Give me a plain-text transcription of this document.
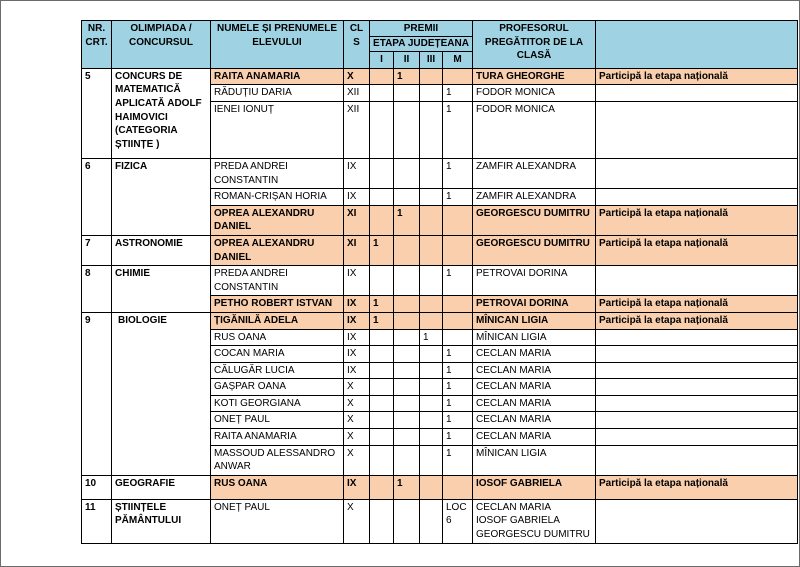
NR. CRT.	OLIMPIADA / CONCURSUL	NUMELE ȘI PRENUMELE ELEVULUI	CL S	PREMII
ETAPA JUDEȚEANA				PROFESORUL PREGĂTITOR DE LA CLASĂ	
				I	II	III	M		
5	CONCURS DE MATEMATICĂ APLICATĂ ADOLF HAIMOVICI (CATEGORIA ȘTIINȚE )	RAITA ANAMARIA	X		1			TURA GHEORGHE	Participă la etapa națională
		RĂDUȚIU DARIA	XII				1	FODOR MONICA	
		IENEI IONUȚ	XII				1	FODOR MONICA	
6	FIZICA	PREDA ANDREI CONSTANTIN	IX				1	ZAMFIR ALEXANDRA	
		ROMAN-CRIȘAN HORIA	IX				1	ZAMFIR ALEXANDRA	
		OPREA ALEXANDRU DANIEL	XI		1			GEORGESCU DUMITRU	Participă la etapa națională
7	ASTRONOMIE	OPREA ALEXANDRU DANIEL	XI	1				GEORGESCU DUMITRU	Participă la etapa națională
8	CHIMIE	PREDA ANDREI CONSTANTIN	IX				1	PETROVAI DORINA	
		PETHO ROBERT ISTVAN	IX	1				PETROVAI DORINA	Participă la etapa națională
9	BIOLOGIE	ȚIGĂNILĂ ADELA	IX	1				MÎNICAN LIGIA	Participă la etapa națională
		RUS OANA	IX			1		MÎNICAN LIGIA	
		COCAN MARIA	IX				1	CECLAN MARIA	
		CĂLUGĂR LUCIA	IX				1	CECLAN MARIA	
		GAȘPAR OANA	X				1	CECLAN MARIA	
		KOTI GEORGIANA	X				1	CECLAN MARIA	
		ONEȚ PAUL	X				1	CECLAN MARIA	
		RAITA ANAMARIA	X				1	CECLAN MARIA	
		MASSOUD ALESSANDRO ANWAR	X				1	MÎNICAN LIGIA	
10	GEOGRAFIE	RUS OANA	IX		1			IOSOF GABRIELA	Participă la etapa națională
11	ȘTIINȚELE PĂMÂNTULUI	ONEȚ PAUL	X				LOC 6	CECLAN MARIA
IOSOF GABRIELA
GEORGESCU DUMITRU	
